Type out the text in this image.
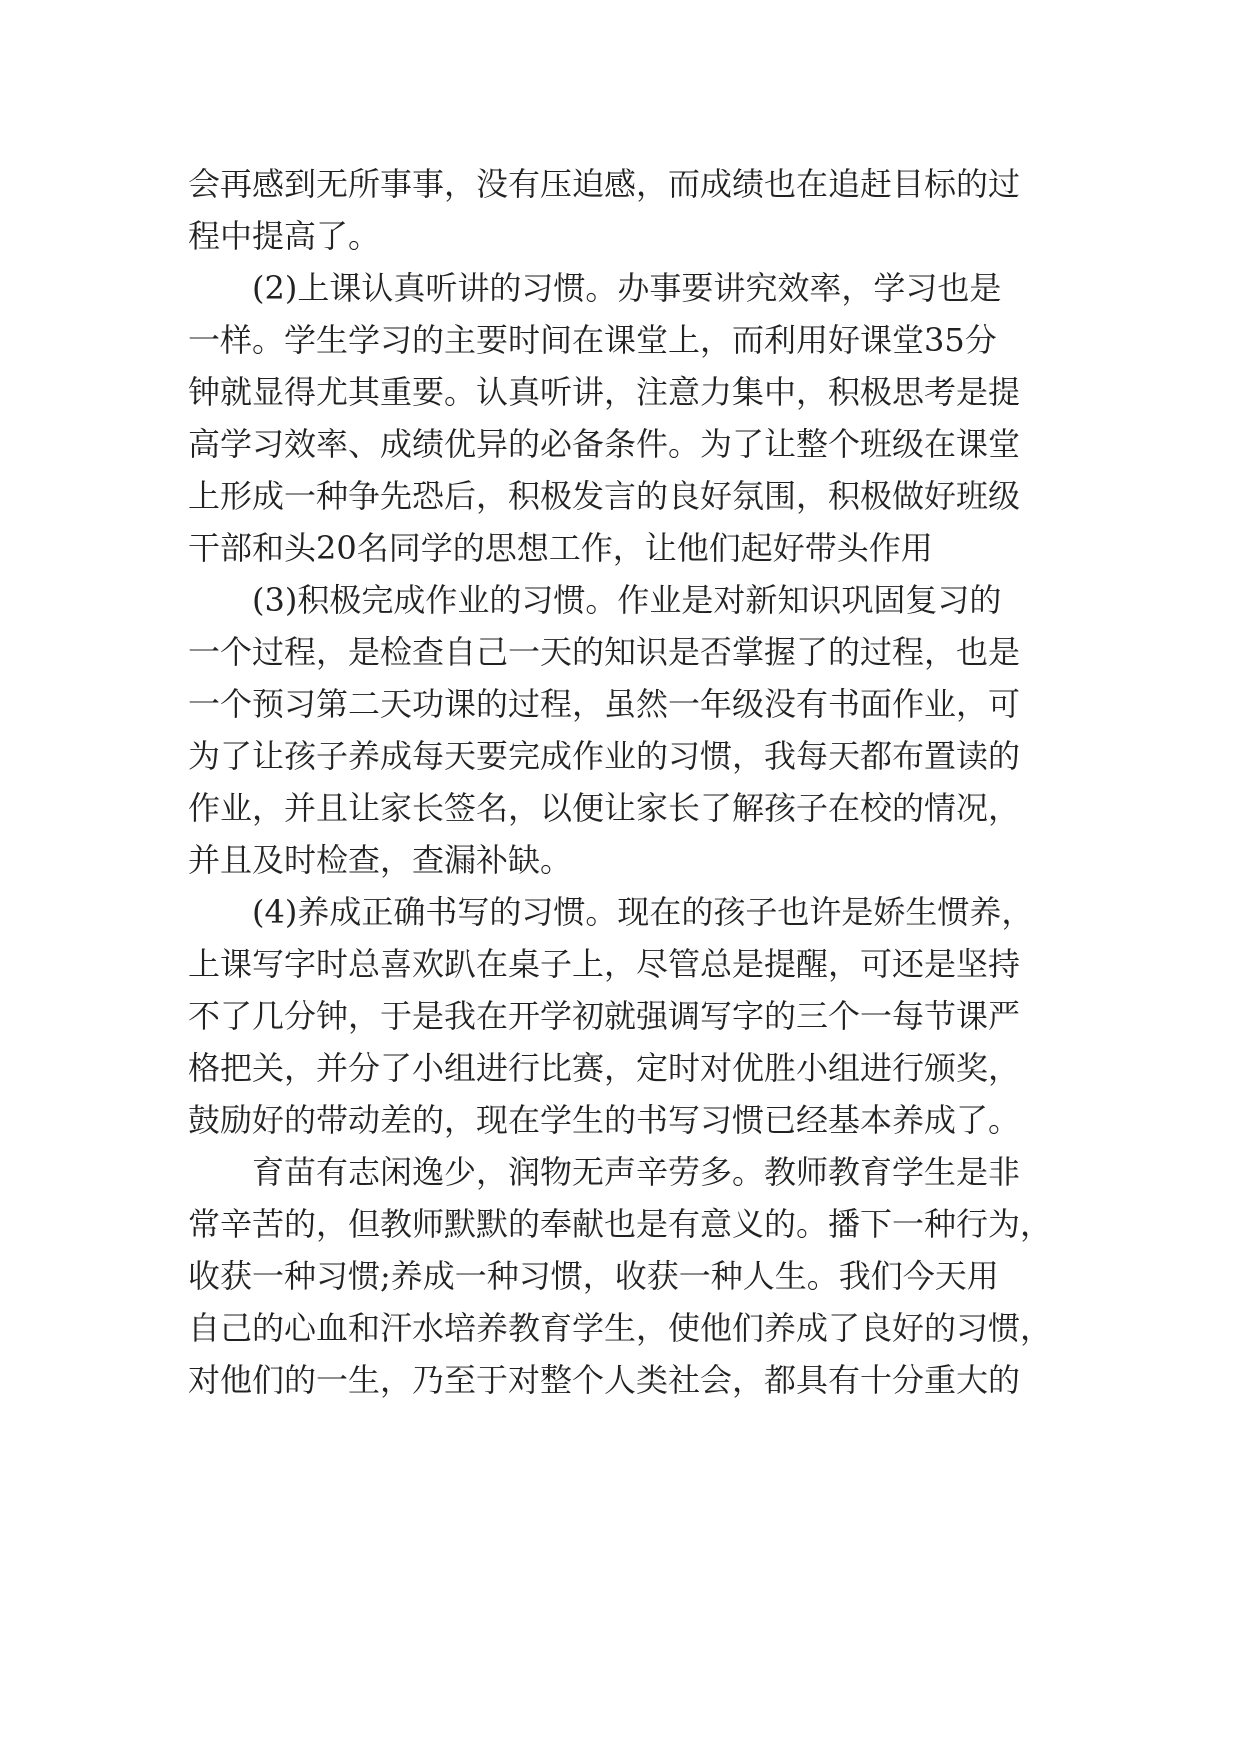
会再感到无所事事，没有压迫感，而成绩也在追赶目标的过
程中提高了。
(2)上课认真听讲的习惯。办事要讲究效率，学习也是
一样。学生学习的主要时间在课堂上，而利用好课堂35分
钟就显得尤其重要。认真听讲，注意力集中，积极思考是提
高学习效率、成绩优异的必备条件。为了让整个班级在课堂
上形成一种争先恐后，积极发言的良好氛围，积极做好班级
干部和头20名同学的思想工作，让他们起好带头作用
(3)积极完成作业的习惯。作业是对新知识巩固复习的
一个过程，是检查自己一天的知识是否掌握了的过程，也是
一个预习第二天功课的过程，虽然一年级没有书面作业，可
为了让孩子养成每天要完成作业的习惯，我每天都布置读的
作业，并且让家长签名，以便让家长了解孩子在校的情况，
并且及时检查，查漏补缺。
(4)养成正确书写的习惯。现在的孩子也许是娇生惯养，
上课写字时总喜欢趴在桌子上，尽管总是提醒，可还是坚持
不了几分钟，于是我在开学初就强调写字的三个一每节课严
格把关，并分了小组进行比赛，定时对优胜小组进行颁奖，
鼓励好的带动差的，现在学生的书写习惯已经基本养成了。
育苗有志闲逸少，润物无声辛劳多。教师教育学生是非
常辛苦的，但教师默默的奉献也是有意义的。播下一种行为，
收获一种习惯;养成一种习惯，收获一种人生。我们今天用
自己的心血和汗水培养教育学生，使他们养成了良好的习惯，
对他们的一生，乃至于对整个人类社会，都具有十分重大的
